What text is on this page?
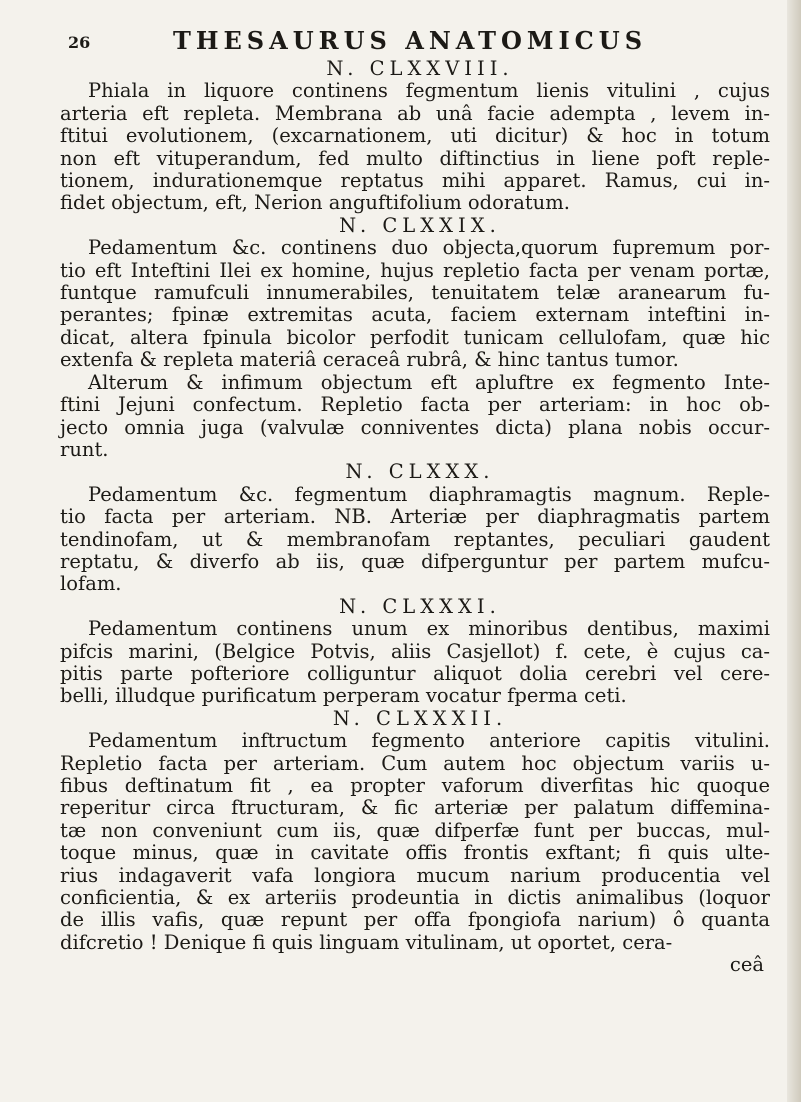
26	THESAURUS ANATOMICUS
N. CLXXVIII.

Phiala in liquore continens fegmentum lienis vitulini , cujus
arteria eft repleta. Membrana ab unâ facie adempta , levem in-
ftitui evolutionem, (excarnationem, uti dicitur) & hoc in totum
non eft vituperandum, fed multo diftinctius in liene poft reple-
tionem, indurationemque reptatus mihi apparet. Ramus, cui in-
fidet objectum, eft, Nerion anguftifolium odoratum.

N. CLXXIX.

Pedamentum &c. continens duo objecta,quorum fupremum por-
tio eft Inteftini Ilei ex homine, hujus repletio facta per venam portæ,
funtque ramufculi innumerabiles, tenuitatem telæ aranearum fu-
perantes; fpinæ extremitas acuta, faciem externam inteftini in-
dicat, altera fpinula bicolor perfodit tunicam cellulofam, quæ hic
extenfa & repleta materiâ ceraceâ rubrâ, & hinc tantus tumor.

Alterum & infimum objectum eft apluftre ex fegmento Inte-
ftini Jejuni confectum. Repletio facta per arteriam: in hoc ob-
jecto omnia juga (valvulæ conniventes dicta) plana nobis occur-
runt.

N. CLXXX.

Pedamentum &c. fegmentum diaphramagtis magnum. Reple-
tio facta per arteriam. NB. Arteriæ per diaphragmatis partem
tendinofam, ut & membranofam reptantes, peculiari gaudent
reptatu, & diverfo ab iis, quæ difperguntur per partem mufcu-
lofam.

N. CLXXXI.

Pedamentum continens unum ex minoribus dentibus, maximi
pifcis marini, (Belgice Potvis, aliis Casjellot) f. cete, è cujus ca-
pitis parte pofteriore colliguntur aliquot dolia cerebri vel cere-
belli, illudque purificatum perperam vocatur fperma ceti.

N. CLXXXII.

Pedamentum inftructum fegmento anteriore capitis vitulini.
Repletio facta per arteriam. Cum autem hoc objectum variis u-
fibus deftinatum fit , ea propter vaforum diverfitas hic quoque
reperitur circa ftructuram, & fic arteriæ per palatum diffemina-
tæ non conveniunt cum iis, quæ difperfæ funt per buccas, mul-
toque minus, quæ in cavitate offis frontis exftant; fi quis ulte-
rius indagaverit vafa longiora mucum narium producentia vel
conficientia, & ex arteriis prodeuntia in dictis animalibus (loquor
de illis vafis, quæ repunt per offa fpongiofa narium) ô quanta
difcretio ! Denique fi quis linguam vitulinam, ut oportet, cera-

ceâ
